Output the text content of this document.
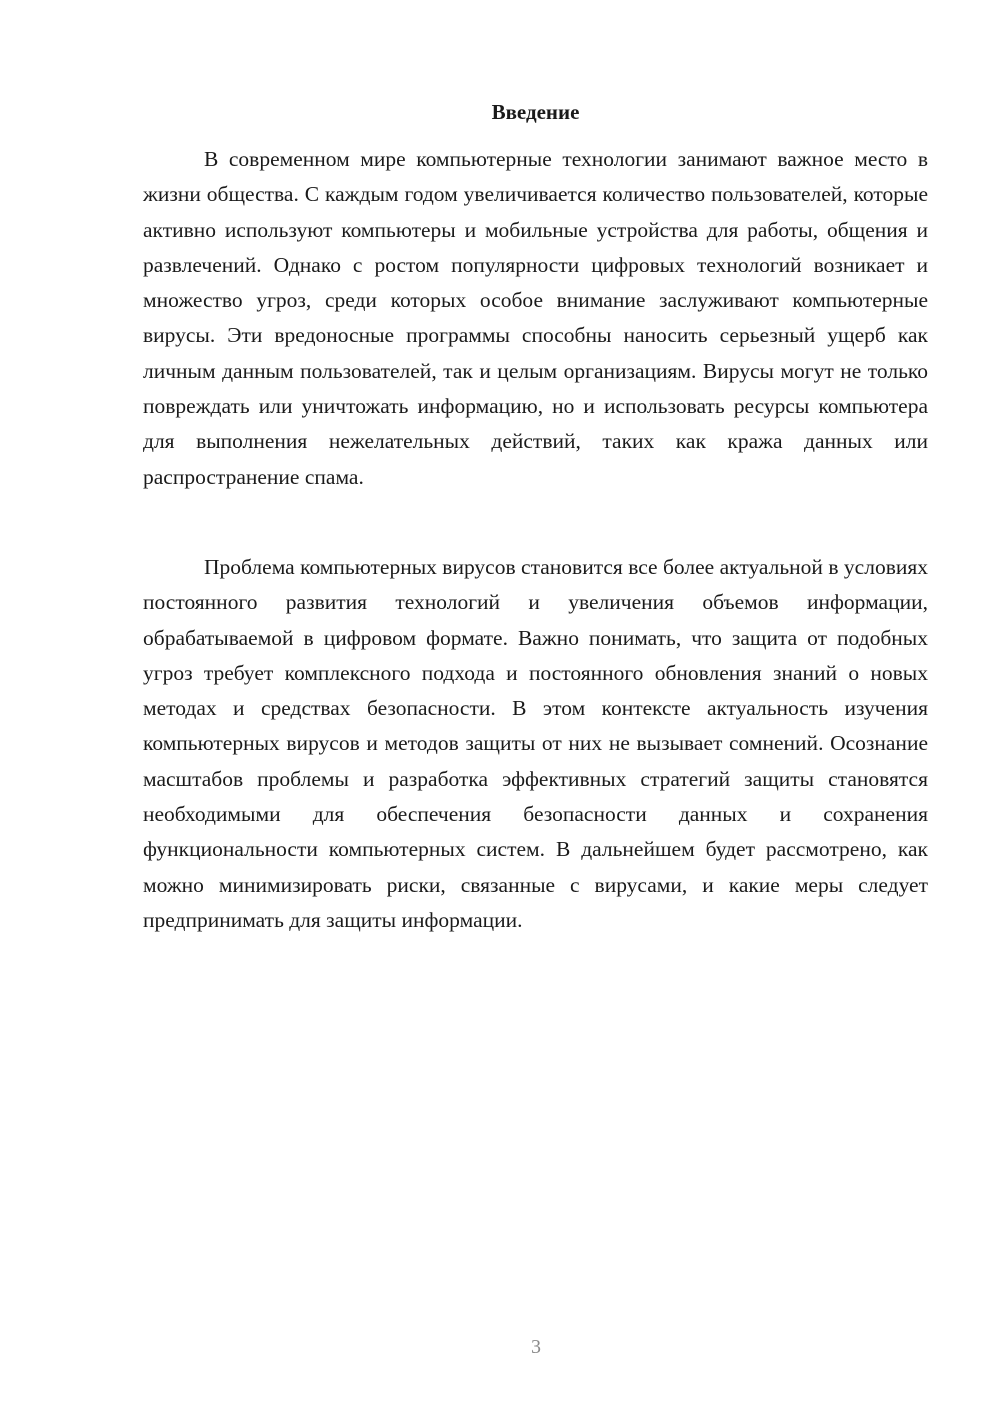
Введение

В современном мире компьютерные технологии занимают важное место в жизни общества. С каждым годом увеличивается количество пользователей, которые активно используют компьютеры и мобильные устройства для работы, общения и развлечений. Однако с ростом популярности цифровых технологий возникает и множество угроз, среди которых особое внимание заслуживают компьютерные вирусы. Эти вредоносные программы способны наносить серьезный ущерб как личным данным пользователей, так и целым организациям. Вирусы могут не только повреждать или уничтожать информацию, но и использовать ресурсы компьютера для выполнения нежелательных действий, таких как кража данных или распространение спама.

Проблема компьютерных вирусов становится все более актуальной в условиях постоянного развития технологий и увеличения объемов информации, обрабатываемой в цифровом формате. Важно понимать, что защита от подобных угроз требует комплексного подхода и постоянного обновления знаний о новых методах и средствах безопасности. В этом контексте актуальность изучения компьютерных вирусов и методов защиты от них не вызывает сомнений. Осознание масштабов проблемы и разработка эффективных стратегий защиты становятся необходимыми для обеспечения безопасности данных и сохранения функциональности компьютерных систем. В дальнейшем будет рассмотрено, как можно минимизировать риски, связанные с вирусами, и какие меры следует предпринимать для защиты информации.

3
